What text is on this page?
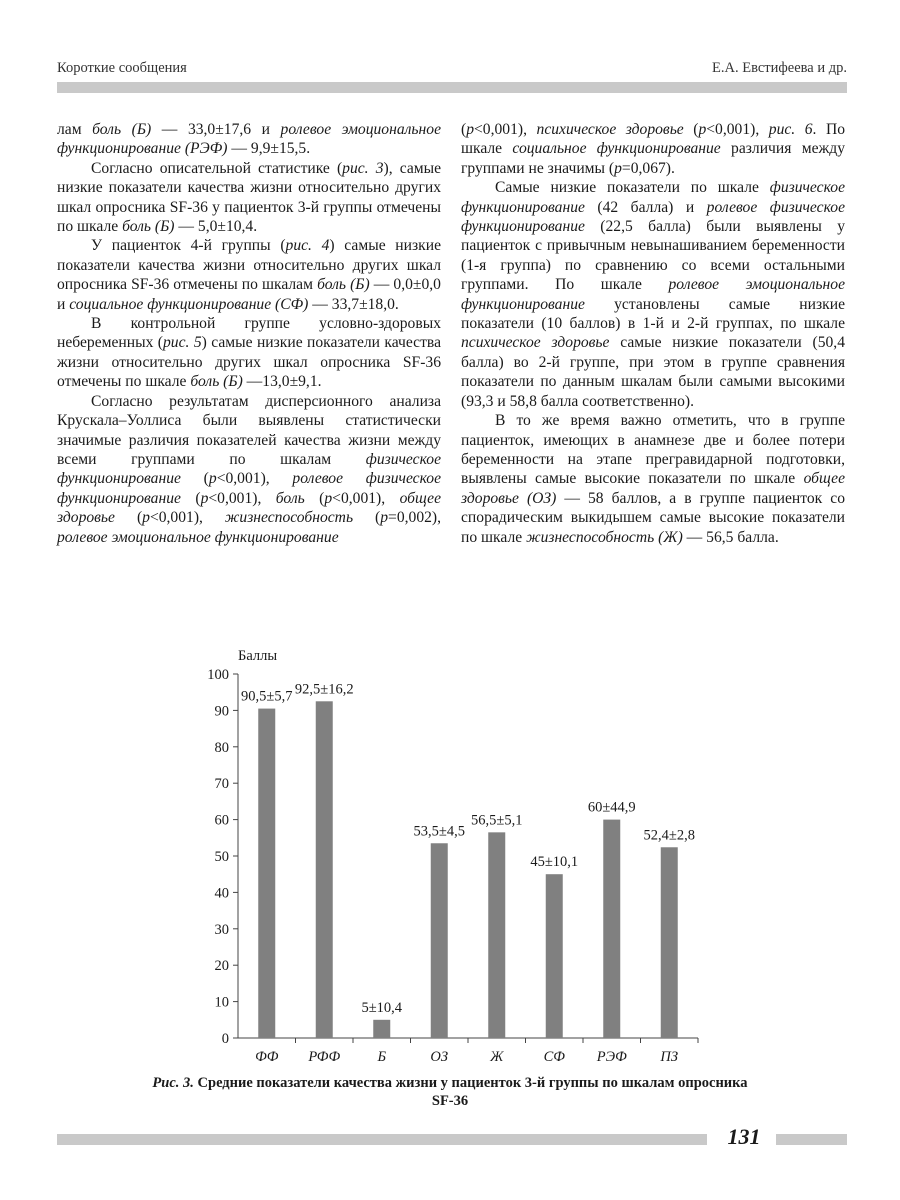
Короткие сообщения	Е.А. Евстифеева и др.

лам боль (Б) — 33,0±17,6 и ролевое эмоциональное функционирование (РЭФ) — 9,9±15,5.

Согласно описательной статистике (рис. 3), самые низкие показатели качества жизни относительно других шкал опросника SF-36 у пациенток 3-й группы отмечены по шкале боль (Б) — 5,0±10,4.

У пациенток 4-й группы (рис. 4) самые низкие показатели качества жизни относительно других шкал опросника SF-36 отмечены по шкалам боль (Б) — 0,0±0,0 и социальное функционирование (СФ) — 33,7±18,0.

В контрольной группе условно-здоровых небеременных (рис. 5) самые низкие показатели качества жизни относительно других шкал опросника SF-36 отмечены по шкале боль (Б) —13,0±9,1.

Согласно результатам дисперсионного анализа Крускала–Уоллиса были выявлены статистически значимые различия показателей качества жизни между всеми группами по шкалам физическое функционирование (p<0,001), ролевое физическое функционирование (p<0,001), боль (p<0,001), общее здоровье (p<0,001), жизнеспособность (p=0,002), ролевое эмоциональное функционирование

(p<0,001), психическое здоровье (p<0,001), рис. 6. По шкале социальное функционирование различия между группами не значимы (p=0,067).

Самые низкие показатели по шкале физическое функционирование (42 балла) и ролевое физическое функционирование (22,5 балла) были выявлены у пациенток с привычным невынашиванием беременности (1-я группа) по сравнению со всеми остальными группами. По шкале ролевое эмоциональное функционирование установлены самые низкие показатели (10 баллов) в 1-й и 2-й группах, по шкале психическое здоровье самые низкие показатели (50,4 балла) во 2-й группе, при этом в группе сравнения показатели по данным шкалам были самыми высокими (93,3 и 58,8 балла соответственно).

В то же время важно отметить, что в группе пациенток, имеющих в анамнезе две и более потери беременности на этапе прегравидарной подготовки, выявлены самые высокие показатели по шкале общее здоровье (ОЗ) — 58 баллов, а в группе пациенток со спорадическим выкидышем самые высокие показатели по шкале жизнеспособность (Ж) — 56,5 балла.

Баллы
0
10
20
30
40
50
60
70
80
90
100
90,5±5,7
ФФ
92,5±16,2
РФФ
5±10,4
Б
53,5±4,5
ОЗ
56,5±5,1
Ж
45±10,1
СФ
60±44,9
РЭФ
52,4±2,8
ПЗ
Рис. 3. Средние показатели качества жизни у пациенток 3-й группы по шкалам опросника SF-36
131
